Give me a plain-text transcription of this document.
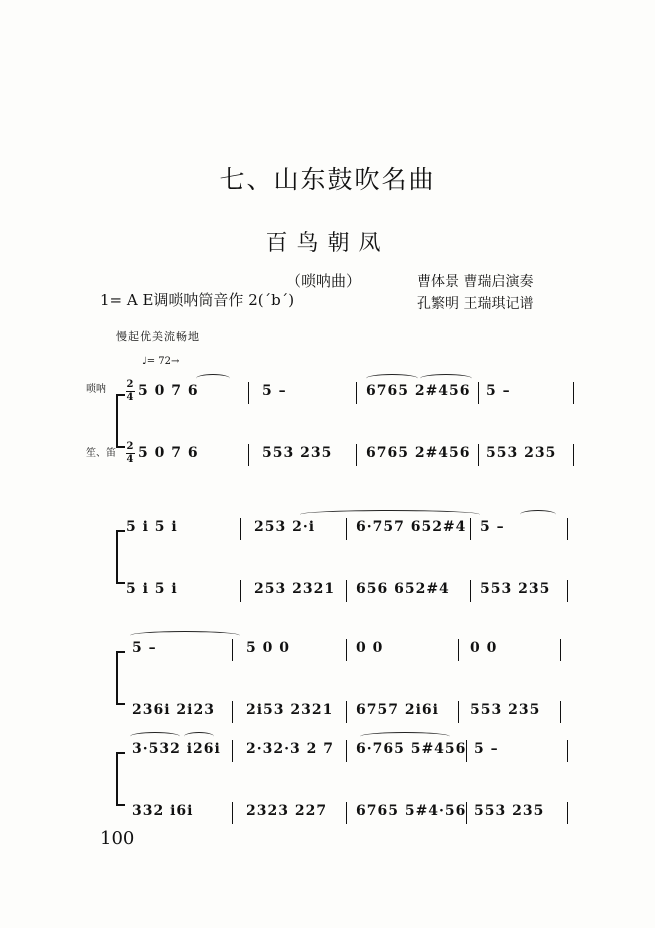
七、山东鼓吹名曲
百鸟朝凤
（唢呐曲）
1= A E调唢呐筒音作 2(ˊbˊ)
曹体景 曹瑞启演奏
孔繁明 王瑞琪记谱
慢起优美流畅地
♩= 72→
唢呐
笙、笛
2
4 5 0 7 6	5 –	6765 2#456 5 –
2
4 5 0 7 6	553 235 6765 2#456 553 235
5 i 5 i	253 2·i	6·757 652#4 5 –
5 i 5 i	253 2321 656 652#4 553 235
5 –	5 0 0	0 0	0 0
236i 2i23 2i53 2321 6757 2i6i 553 235
3·532 i26i 2·32·3 2 7 6·765 5#456 5 –
332 i6i	2323 227 6765 5#4·56 553 235
100
